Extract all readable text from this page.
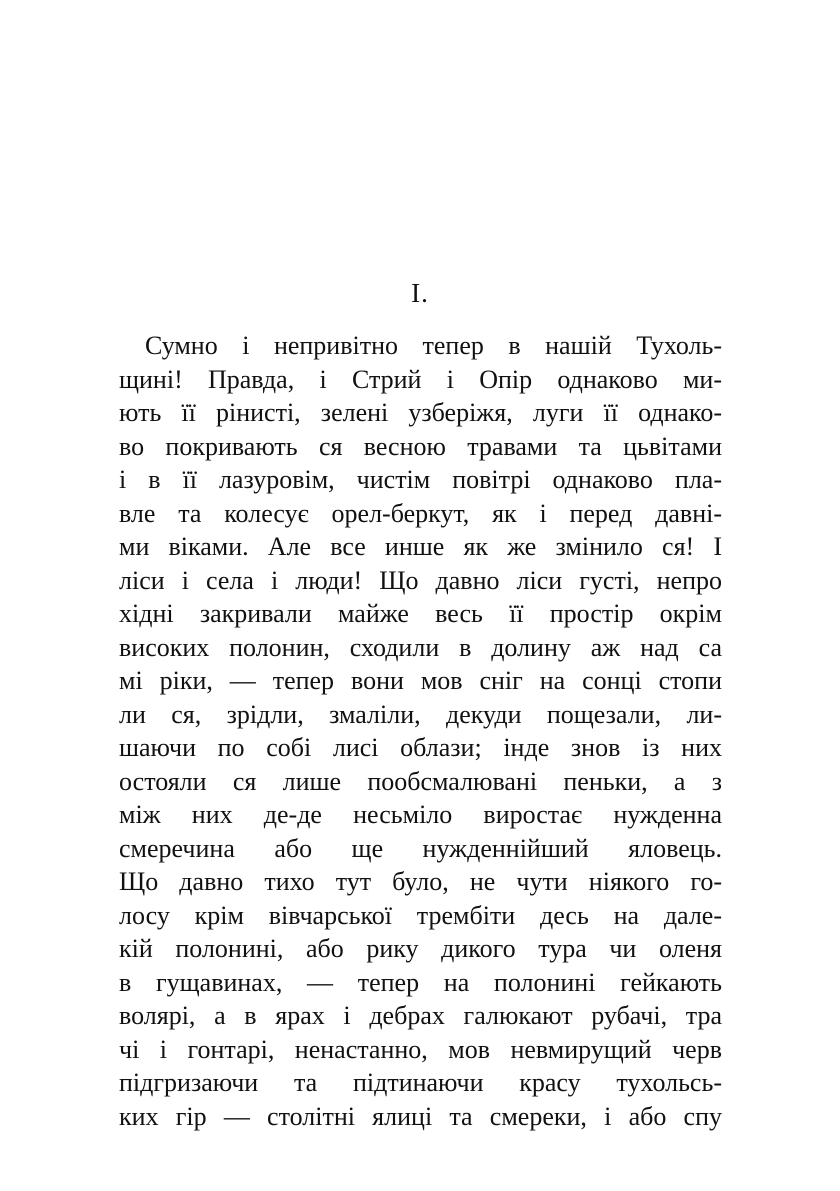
I.
Сумно і непривітно тепер в нашій Тухоль-
щині! Правда, і Стрий і Опір однаково ми-
ють її рінисті, зелені узберіжя, луги її однако-
во покривають ся весною травами та цьвітами
і в її лазуровім, чистім повітрі однаково пла-
вле та колесує орел-беркут, як і перед давні-
ми віками. Але все инше як же змінило ся! І
ліси і села і люди! Що давно ліси густі, непро
хідні закривали майже весь її простір окрім
високих полонин, сходили в долину аж над са
мі ріки, — тепер вони мов сніг на сонці стопи
ли ся, зрідли, змаліли, декуди пощезали, ли-
шаючи по собі лисі облази; інде знов із них
остояли ся лише пообсмалювані пеньки, а з
між них де-де несьміло виростає нужденна
смеречина або ще нужденнійший яловець.
Що давно тихо тут було, не чути ніякого го-
лосу крім вівчарської трембіти десь на дале-
кій полонині, або рику дикого тура чи оленя
в гущавинах, — тепер на полонині гейкають
волярі, а в ярах і дебрах галюкают рубачі, тра
чі і гонтарі, ненастанно, мов невмирущий черв
підгризаючи та підтинаючи красу тухольсь-
ких гір — столітні ялиці та смереки, і або спу
